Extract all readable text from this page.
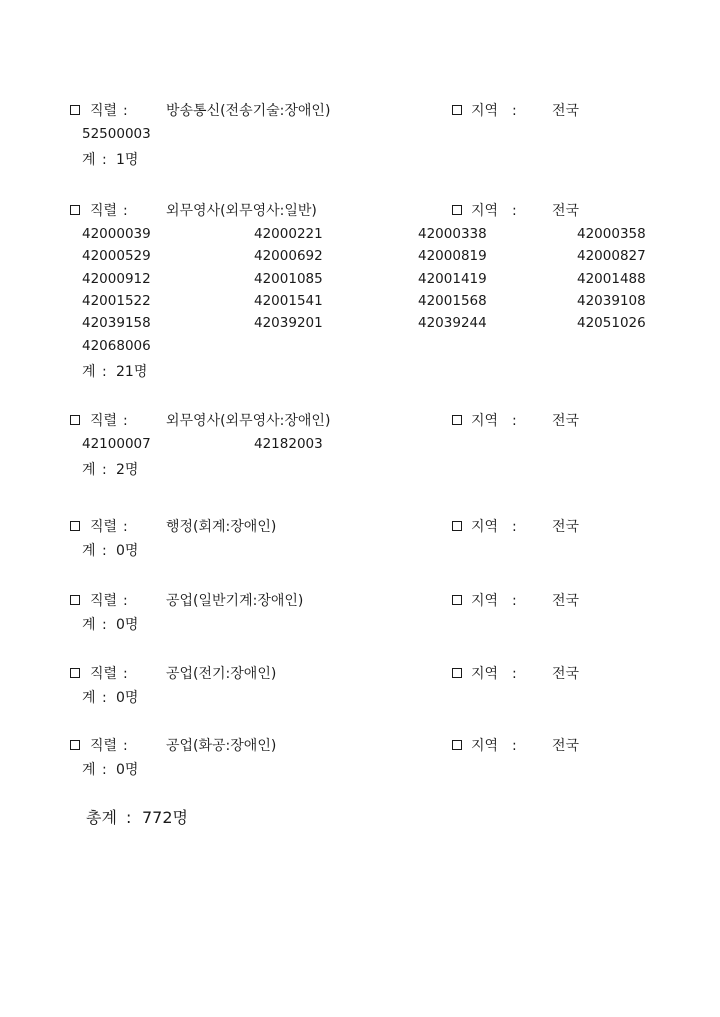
직렬 :	방송통신(전송기술:장애인)	지역 :	전국
52500003
계 : 1명
직렬 :	외무영사(외무영사:일반)	지역 :	전국
42000039	42000221	42000338	42000358
42000529	42000692	42000819	42000827
42000912	42001085	42001419	42001488
42001522	42001541	42001568	42039108
42039158	42039201	42039244	42051026
42068006
계 : 21명
직렬 :	외무영사(외무영사:장애인)	지역 :	전국
42100007	42182003
계 : 2명
직렬 :	행정(회계:장애인)	지역 :	전국
계 : 0명
직렬 :	공업(일반기계:장애인)	지역 :	전국
계 : 0명
직렬 :	공업(전기:장애인)	지역 :	전국
계 : 0명
직렬 :	공업(화공:장애인)	지역 :	전국
계 : 0명
총계 : 772명
